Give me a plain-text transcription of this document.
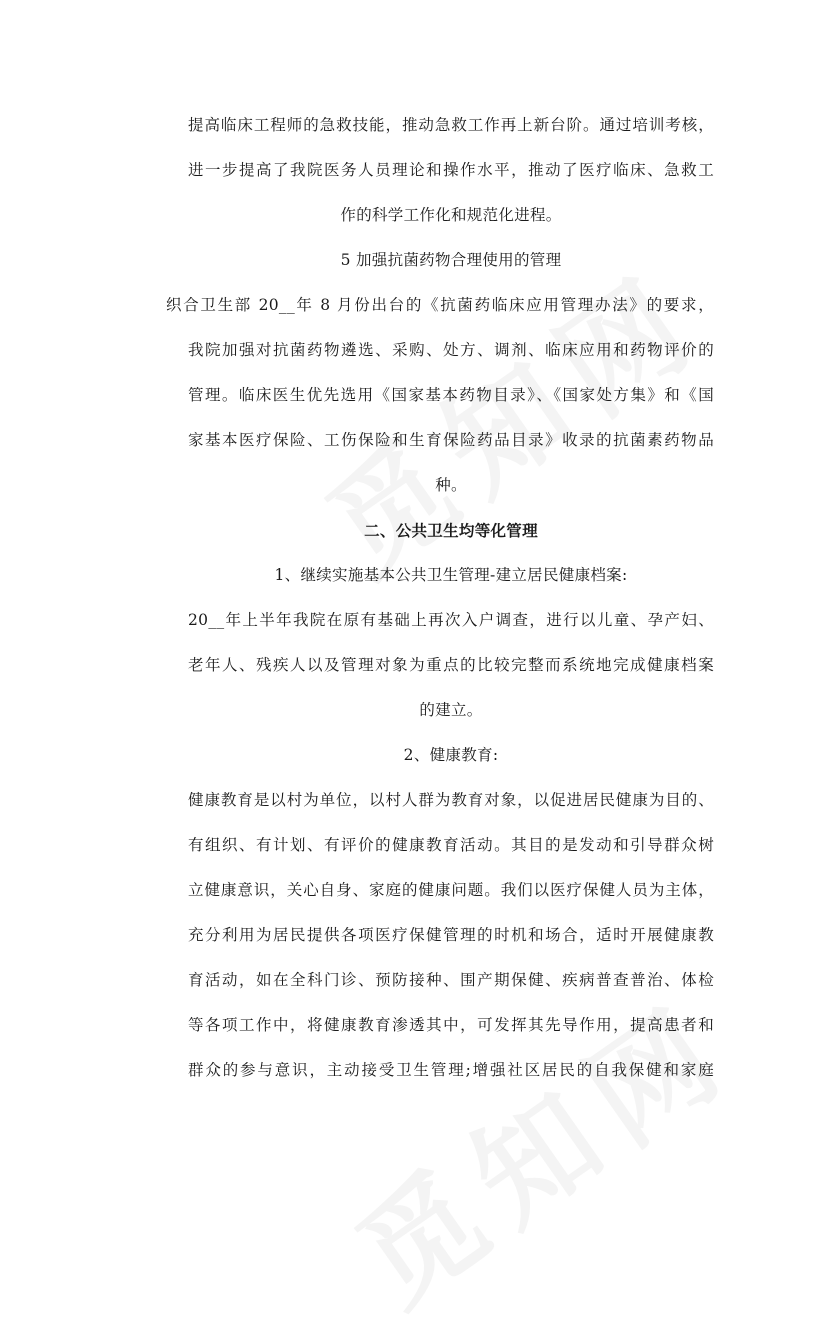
提高临床工程师的急救技能，推动急救工作再上新台阶。通过培训考核，

进一步提高了我院医务人员理论和操作水平，推动了医疗临床、急救工

作的科学工作化和规范化进程。

5 加强抗菌药物合理使用的管理

织合卫生部 20__年 8 月份出台的《抗菌药临床应用管理办法》的要求，

我院加强对抗菌药物遴选、采购、处方、调剂、临床应用和药物评价的

管理。临床医生优先选用《国家基本药物目录》、《国家处方集》和《国

家基本医疗保险、工伤保险和生育保险药品目录》收录的抗菌素药物品

种。

二、公共卫生均等化管理

1、继续实施基本公共卫生管理-建立居民健康档案:

20__年上半年我院在原有基础上再次入户调查，进行以儿童、孕产妇、

老年人、残疾人以及管理对象为重点的比较完整而系统地完成健康档案

的建立。

2、健康教育:

健康教育是以村为单位，以村人群为教育对象，以促进居民健康为目的、

有组织、有计划、有评价的健康教育活动。其目的是发动和引导群众树

立健康意识，关心自身、家庭的健康问题。我们以医疗保健人员为主体，

充分利用为居民提供各项医疗保健管理的时机和场合，适时开展健康教

育活动，如在全科门诊、预防接种、围产期保健、疾病普查普治、体检

等各项工作中，将健康教育渗透其中，可发挥其先导作用，提高患者和

群众的参与意识，主动接受卫生管理;增强社区居民的自我保健和家庭
